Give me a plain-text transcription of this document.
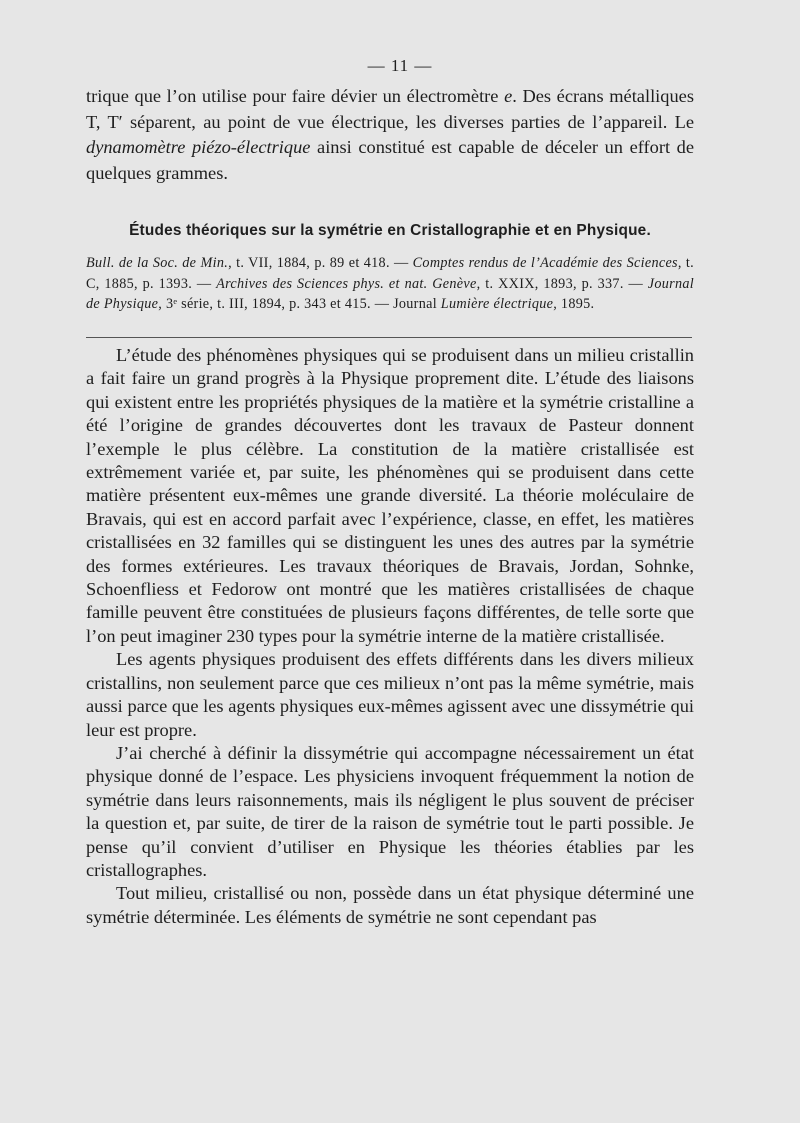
— 11 —

trique que l’on utilise pour faire dévier un électromètre e. Des écrans métalliques T, T′ séparent, au point de vue électrique, les diverses parties de l’appareil. Le dynamomètre piézo-électrique ainsi constitué est capable de déceler un effort de quelques grammes.

Études théoriques sur la symétrie en Cristallographie et en Physique.
Bull. de la Soc. de Min., t. VII, 1884, p. 89 et 418. — Comptes rendus de l’Académie des Sciences, t. C, 1885, p. 1393. — Archives des Sciences phys. et nat. Genève, t. XXIX, 1893, p. 337. — Journal de Physique, 3ᵉ série, t. III, 1894, p. 343 et 415. — Journal Lumière électrique, 1895.

L’étude des phénomènes physiques qui se produisent dans un milieu cristallin a fait faire un grand progrès à la Physique proprement dite. L’étude des liaisons qui existent entre les propriétés physiques de la matière et la symétrie cristalline a été l’origine de grandes découvertes dont les travaux de Pasteur donnent l’exemple le plus célèbre. La constitution de la matière cristallisée est extrêmement variée et, par suite, les phénomènes qui se produisent dans cette matière présentent eux-mêmes une grande diversité. La théorie moléculaire de Bravais, qui est en accord parfait avec l’expérience, classe, en effet, les matières cristallisées en 32 familles qui se distinguent les unes des autres par la symétrie des formes extérieures. Les travaux théoriques de Bravais, Jordan, Sohnke, Schoenfliess et Fedorow ont montré que les matières cristallisées de chaque famille peuvent être constituées de plusieurs façons différentes, de telle sorte que l’on peut imaginer 230 types pour la symétrie interne de la matière cristallisée.

Les agents physiques produisent des effets différents dans les divers milieux cristallins, non seulement parce que ces milieux n’ont pas la même symétrie, mais aussi parce que les agents physiques eux-mêmes agissent avec une dissymétrie qui leur est propre.

J’ai cherché à définir la dissymétrie qui accompagne nécessairement un état physique donné de l’espace. Les physiciens invoquent fréquemment la notion de symétrie dans leurs raisonnements, mais ils négligent le plus souvent de préciser la question et, par suite, de tirer de la raison de symétrie tout le parti possible. Je pense qu’il convient d’utiliser en Physique les théories établies par les cristallographes.

Tout milieu, cristallisé ou non, possède dans un état physique déterminé une symétrie déterminée. Les éléments de symétrie ne sont cependant pas
